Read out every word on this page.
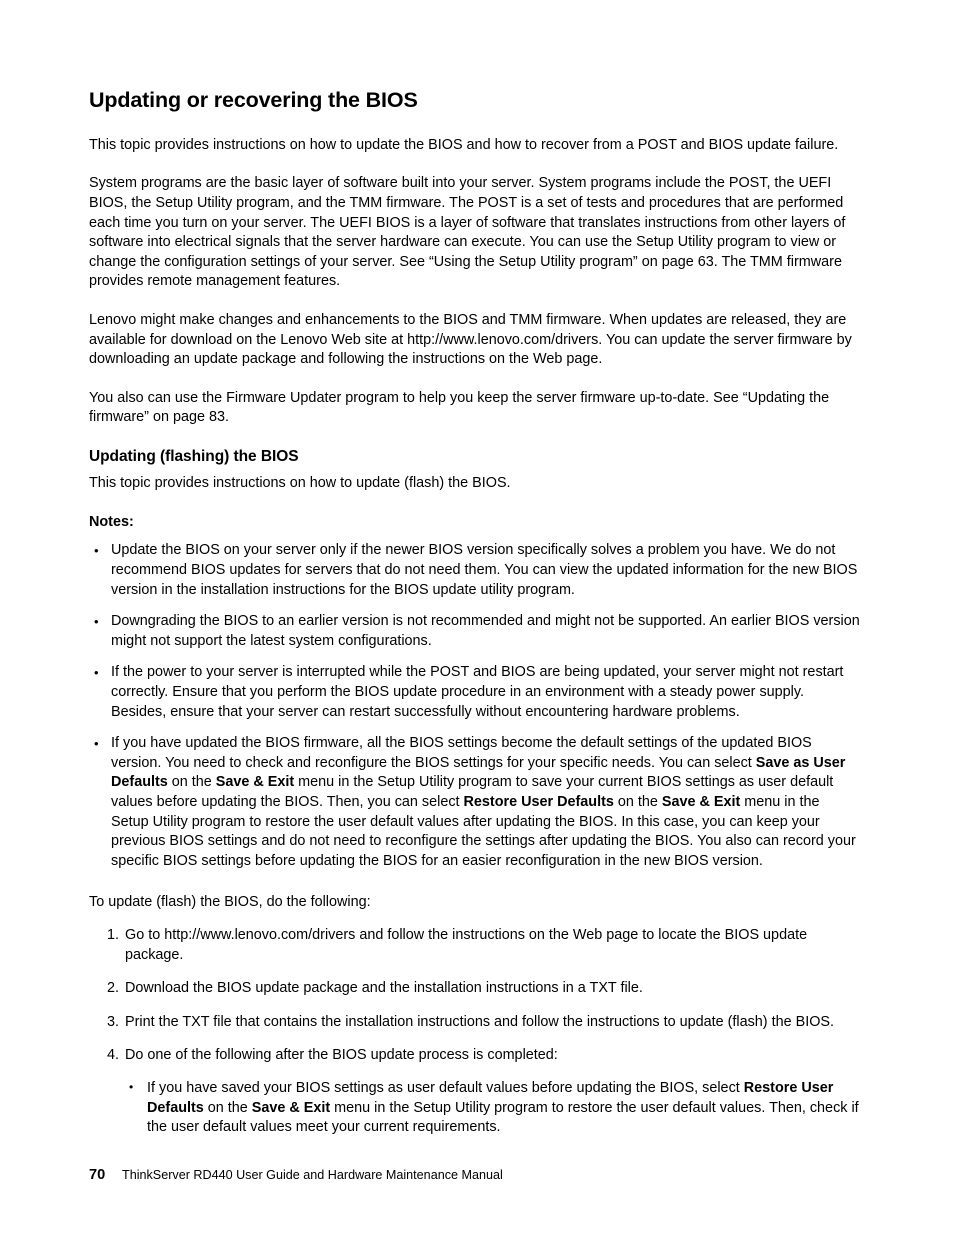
Updating or recovering the BIOS

This topic provides instructions on how to update the BIOS and how to recover from a POST and BIOS update failure.

System programs are the basic layer of software built into your server. System programs include the POST, the UEFI BIOS, the Setup Utility program, and the TMM firmware. The POST is a set of tests and procedures that are performed each time you turn on your server. The UEFI BIOS is a layer of software that translates instructions from other layers of software into electrical signals that the server hardware can execute. You can use the Setup Utility program to view or change the configuration settings of your server. See “Using the Setup Utility program” on page 63. The TMM firmware provides remote management features.

Lenovo might make changes and enhancements to the BIOS and TMM firmware. When updates are released, they are available for download on the Lenovo Web site at http://www.lenovo.com/drivers. You can update the server firmware by downloading an update package and following the instructions on the Web page.

You also can use the Firmware Updater program to help you keep the server firmware up-to-date. See “Updating the firmware” on page 83.

Updating (flashing) the BIOS

This topic provides instructions on how to update (flash) the BIOS.

Notes:
• Update the BIOS on your server only if the newer BIOS version specifically solves a problem you have. We do not recommend BIOS updates for servers that do not need them. You can view the updated information for the new BIOS version in the installation instructions for the BIOS update utility program.
• Downgrading the BIOS to an earlier version is not recommended and might not be supported. An earlier BIOS version might not support the latest system configurations.
• If the power to your server is interrupted while the POST and BIOS are being updated, your server might not restart correctly. Ensure that you perform the BIOS update procedure in an environment with a steady power supply. Besides, ensure that your server can restart successfully without encountering hardware problems.
• If you have updated the BIOS firmware, all the BIOS settings become the default settings of the updated BIOS version. You need to check and reconfigure the BIOS settings for your specific needs. You can select Save as User Defaults on the Save & Exit menu in the Setup Utility program to save your current BIOS settings as user default values before updating the BIOS. Then, you can select Restore User Defaults on the Save & Exit menu in the Setup Utility program to restore the user default values after updating the BIOS. In this case, you can keep your previous BIOS settings and do not need to reconfigure the settings after updating the BIOS. You also can record your specific BIOS settings before updating the BIOS for an easier reconfiguration in the new BIOS version.

To update (flash) the BIOS, do the following:

Go to http://www.lenovo.com/drivers and follow the instructions on the Web page to locate the BIOS update package.
Download the BIOS update package and the installation instructions in a TXT file.
Print the TXT file that contains the installation instructions and follow the instructions to update (flash) the BIOS.
Do one of the following after the BIOS update process is completed:
• If you have saved your BIOS settings as user default values before updating the BIOS, select Restore User Defaults on the Save & Exit menu in the Setup Utility program to restore the user default values. Then, check if the user default values meet your current requirements.
70	ThinkServer RD440 User Guide and Hardware Maintenance Manual
